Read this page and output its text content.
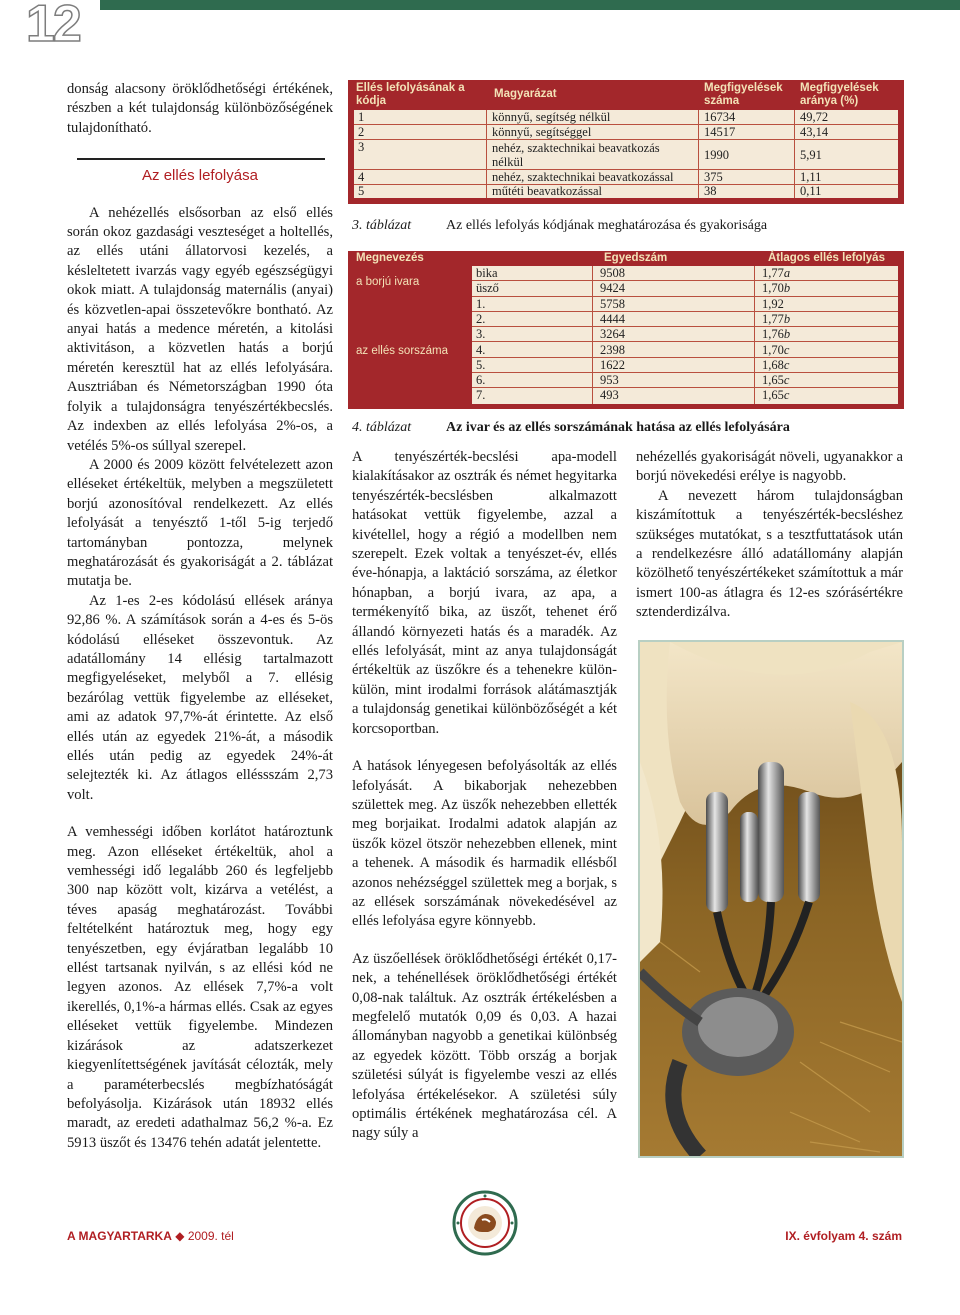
12

donság alacsony öröklődhetőségi értékének, részben a két tulajdonság különbözőségének tulajdonítható.

Az ellés lefolyása

A nehézellés elsősorban az első ellés során okoz gazdasági veszteséget a holtellés, az ellés utáni állatorvosi kezelés, a késleltetett ivarzás vagy egyéb egészségügyi okok miatt. A tulajdonság maternális (anyai) és közvetlen-apai összetevőkre bontható. Az anyai hatás a medence méretén, a kitolási aktivitáson, a közvetlen hatás a borjú méretén keresztül hat az ellés lefolyására. Ausztriában és Németországban 1990 óta folyik a tulajdonságra tenyészértékbecslés. Az indexben az ellés lefolyása 2%-os, a vetélés 5%-os súllyal szerepel.

A 2000 és 2009 között felvételezett azon elléseket értékeltük, melyben a megszületett borjú azonosítóval rendelkezett. Az ellés lefolyását a tenyésztő 1-től 5-ig terjedő tartományban pontozza, melynek meghatározását és gyakoriságát a 2. táblázat mutatja be.

Az 1-es 2-es kódolású ellések aránya 92,86 %. A számítások során a 4-es és 5-ös kódolású elléseket összevontuk. Az adatállomány 14 ellésig tartalmazott megfigyeléseket, melyből a 7. ellésig bezárólag vettük figyelembe az elléseket, ami az adatok 97,7%-át érintette. Az első ellés után az egyedek 21%-át, a második ellés után pedig az egyedek 24%-át selejtezték ki. Az átlagos elléssszám 2,73 volt.

A vemhességi időben korlátot határoztunk meg. Azon elléseket értékeltük, ahol a vemhességi idő legalább 260 és legfeljebb 300 nap között volt, kizárva a vetélést, a téves apaság meghatározást. További feltételként határoztuk meg, hogy egy tenyészetben, egy évjáratban legalább 10 ellést tartsanak nyilván, s az ellési kód ne legyen azonos. Az ellések 7,7%-a volt ikerellés, 0,1%-a hármas ellés. Csak az egyes elléseket vettük figyelembe. Mindezen kizárások az adatszerkezet kiegyenlítettségének javítását célozták, mely a paraméterbecslés megbízhatóságát befolyásolja. Kizárások után 18932 ellés maradt, az eredeti adathalmaz 56,2 %-a. Ez 5913 üszőt és 13476 tehén adatát jelentette.

Ellés lefolyásának a kódja
Magyarázat	Megfigyelések száma
Megfigyelések aránya (%)
1	könnyű, segítség nélkül	16734	49,72
2	könnyű, segítséggel	14517	43,14
3	nehéz, szaktechnikai beavatkozás nélkül	1990	5,91
4	nehéz, szaktechnikai beavatkozással 375	1,11
5	műtéti beavatkozással	38	0,11
3. táblázat Az ellés lefolyás kódjának meghatározása és gyakorisága
Megnevezés	Egyedszám	Átlagos ellés lefolyás
a borjú ivara
az ellés sorszáma
bika	9508	1,77a
üsző	9424	1,70b
1.	5758	1,92
2.	4444	1,77b
3.	3264	1,76b
4.	2398	1,70c
5.	1622	1,68c
6.	953	1,65c
7.	493	1,65c
4. táblázat Az ivar és az ellés sorszámának hatása az ellés lefolyására

A tenyészérték-becslési apa-modell kialakításakor az osztrák és német hegyitarka tenyészérték-becslésben alkalmazott hatásokat vettük figyelembe, azzal a kivétellel, hogy a régió a modellben nem szerepelt. Ezek voltak a tenyészet-év, ellés éve-hónapja, a laktáció sorszáma, az életkor hónapban, a borjú ivara, az apa, a termékenyítő bika, az üszőt, tehenet érő állandó környezeti hatás és a maradék. Az ellés lefolyását, mint az anya tulajdonságát értékeltük az üszőkre és a tehenekre külön-külön, mint irodalmi források alátámasztják a tulajdonság genetikai különbözőségét a két korcsoportban.

A hatások lényegesen befolyásolták az ellés lefolyását. A bikaborjak nehezebben születtek meg. Az üszők nehezebben ellették meg borjaikat. Irodalmi adatok alapján az üszők közel ötször nehezebben ellenek, mint a tehenek. A második és harmadik ellésből azonos nehézséggel születtek meg a borjak, s az ellések sorszámának növekedésével az ellés lefolyása egyre könnyebb.

Az üszőellések öröklődhetőségi értékét 0,17-nek, a tehénellések öröklődhetőségi értékét 0,08-nak találtuk. Az osztrák értékelésben a megfelelő mutatók 0,09 és 0,03. A hazai állományban nagyobb a genetikai különbség az egyedek között. Több ország a borjak születési súlyát is figyelembe veszi az ellés lefolyása értékelésekor. A születési súly optimális értékének meghatározása cél. A nagy súly a

nehézellés gyakoriságát növeli, ugyanakkor a borjú növekedési erélye is nagyobb.

A nevezett három tulajdonságban kiszámítottuk a tenyészérték-becsléshez szükséges mutatókat, s a tesztfuttatások után a rendelkezésre álló adatállomány alapján közölhető tenyészértékeket számítottuk a már ismert 100-as átlagra és 12-es szórásértékre sztenderdizálva.

A MAGYARTARKA ◆ 2009. tél	IX. évfolyam 4. szám
